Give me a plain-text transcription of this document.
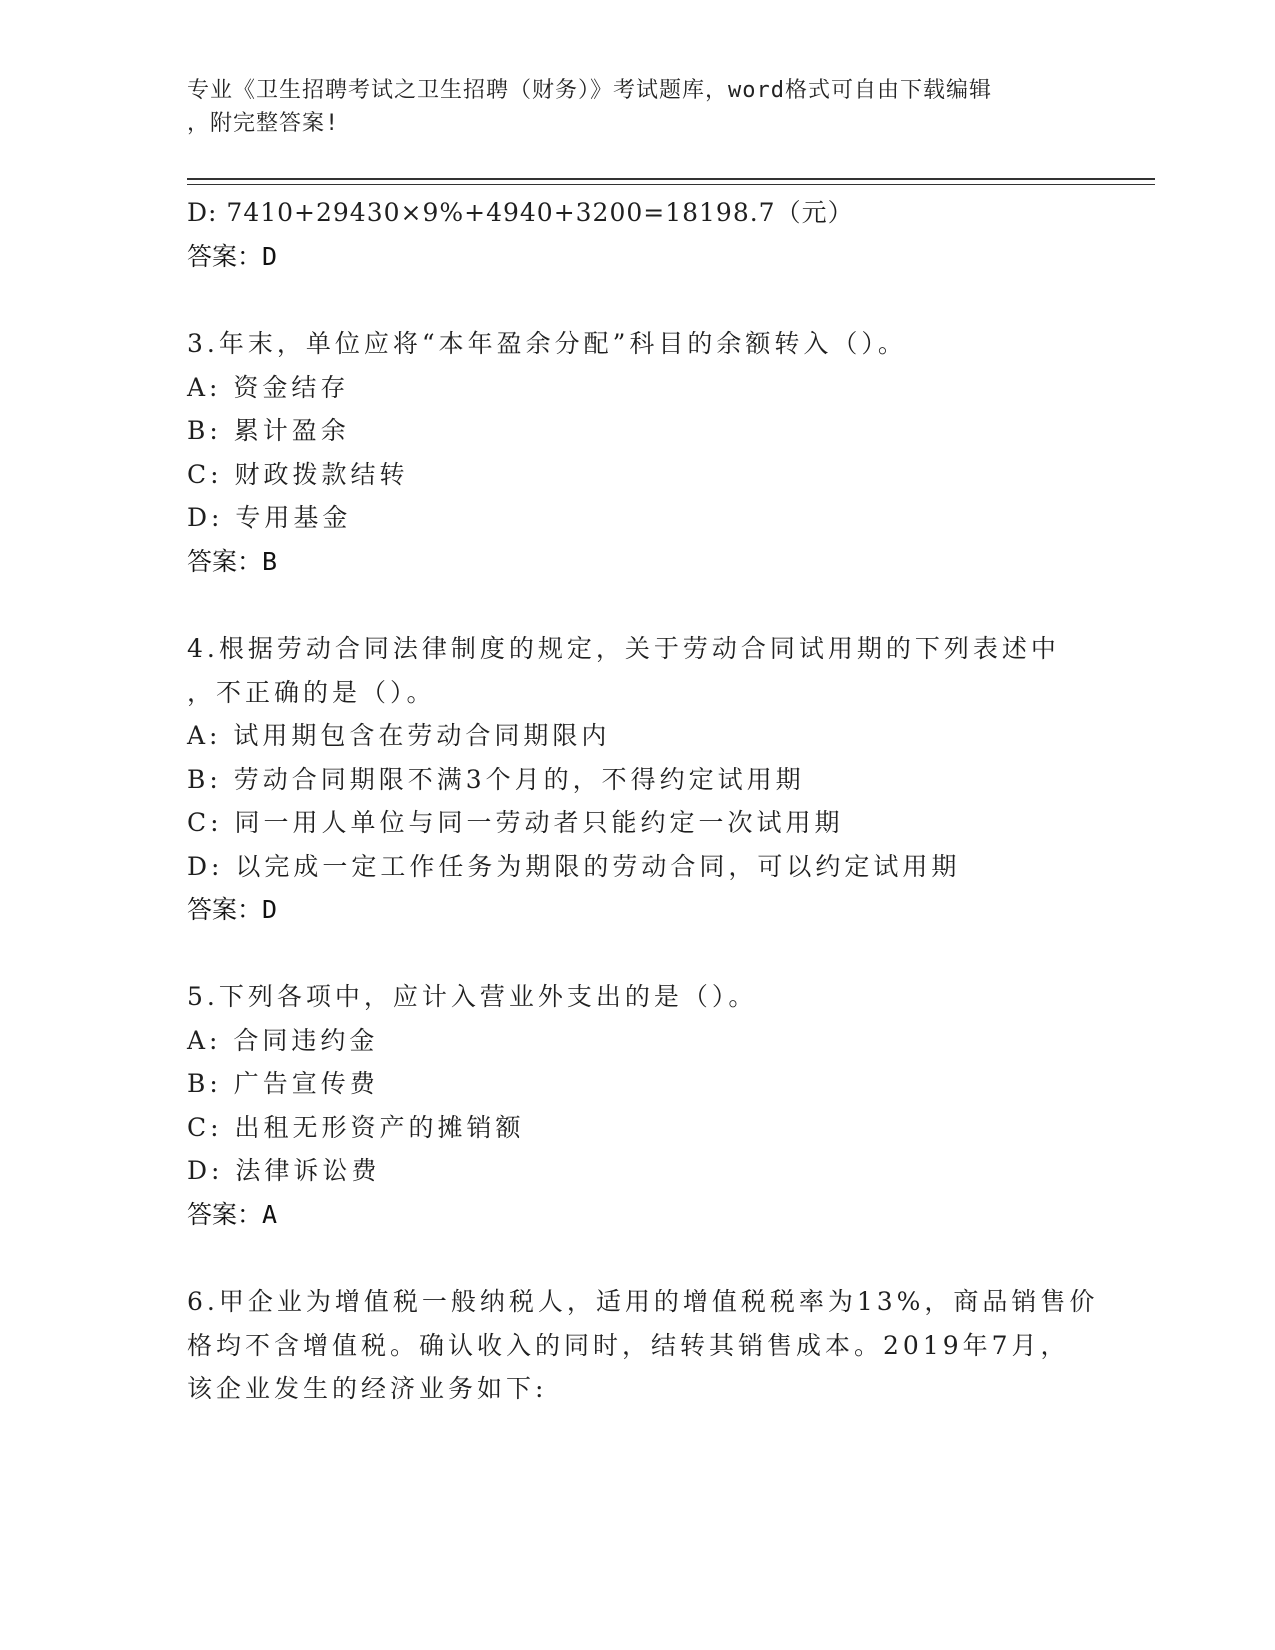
专业《卫生招聘考试之卫生招聘（财务）》考试题库，word格式可自由下载编辑
，附完整答案!
D: 7410+29430×9%+4940+3200=18198.7（元）
答案：D
3.年末，单位应将“本年盈余分配”科目的余额转入（）。
A: 资金结存
B: 累计盈余
C: 财政拨款结转
D: 专用基金
答案：B
4.根据劳动合同法律制度的规定，关于劳动合同试用期的下列表述中
，不正确的是（）。
A: 试用期包含在劳动合同期限内
B: 劳动合同期限不满3个月的，不得约定试用期
C: 同一用人单位与同一劳动者只能约定一次试用期
D: 以完成一定工作任务为期限的劳动合同，可以约定试用期
答案：D
5.下列各项中，应计入营业外支出的是（）。
A: 合同违约金
B: 广告宣传费
C: 出租无形资产的摊销额
D: 法律诉讼费
答案：A
6.甲企业为增值税一般纳税人，适用的增值税税率为13%，商品销售价
格均不含增值税。确认收入的同时，结转其销售成本。2019年7月，
该企业发生的经济业务如下:
